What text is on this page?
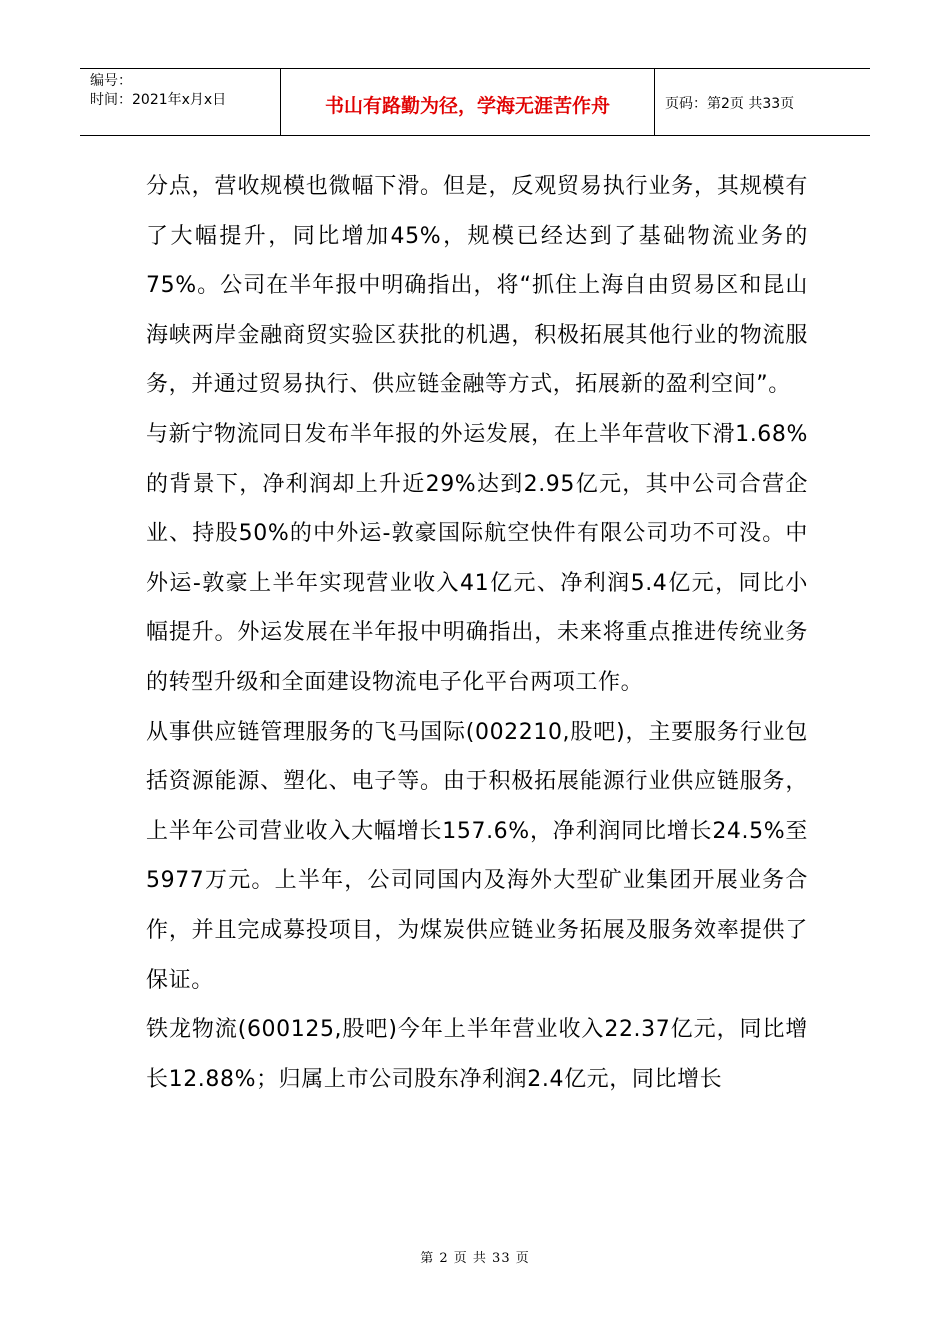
编号：
时间：2021年x月x日	书山有路勤为径，学海无涯苦作舟	页码：第2页 共33页

分点，营收规模也微幅下滑。但是，反观贸易执行业务，其规模有了大幅提升，同比增加45%，规模已经达到了基础物流业务的75%。公司在半年报中明确指出，将“抓住上海自由贸易区和昆山海峡两岸金融商贸实验区获批的机遇，积极拓展其他行业的物流服务，并通过贸易执行、供应链金融等方式，拓展新的盈利空间”。

与新宁物流同日发布半年报的外运发展，在上半年营收下滑1.68%的背景下，净利润却上升近29%达到2.95亿元，其中公司合营企业、持股50%的中外运-敦豪国际航空快件有限公司功不可没。中外运-敦豪上半年实现营业收入41亿元、净利润5.4亿元，同比小幅提升。外运发展在半年报中明确指出，未来将重点推进传统业务的转型升级和全面建设物流电子化平台两项工作。

从事供应链管理服务的飞马国际(002210,股吧)，主要服务行业包括资源能源、塑化、电子等。由于积极拓展能源行业供应链服务，上半年公司营业收入大幅增长157.6%，净利润同比增长24.5%至5977万元。上半年，公司同国内及海外大型矿业集团开展业务合作，并且完成募投项目，为煤炭供应链业务拓展及服务效率提供了保证。

铁龙物流(600125,股吧)今年上半年营业收入22.37亿元，同比增长12.88%；归属上市公司股东净利润2.4亿元，同比增长

第 2 页 共 33 页
